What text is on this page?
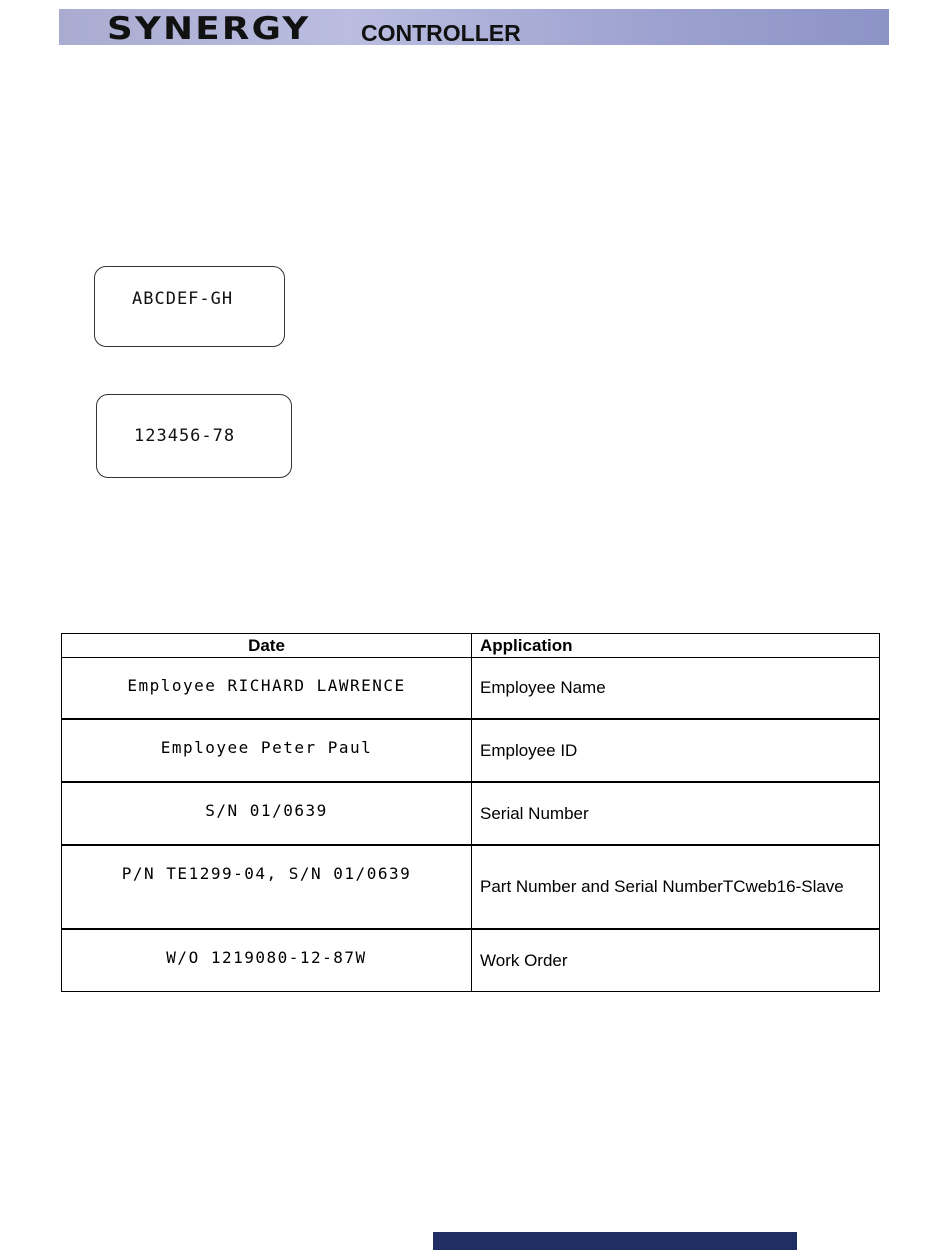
SYNERGY CONTROLLER
ABCDEF-GH
123456-78
Date	Application
Employee RICHARD LAWRENCE	Employee Name
Employee Peter Paul	Employee ID
S/N 01/0639	Serial Number
P/N TE1299-04, S/N 01/0639	Part Number and Serial NumberTCweb16-Slave
W/O 1219080-12-87W	Work Order
